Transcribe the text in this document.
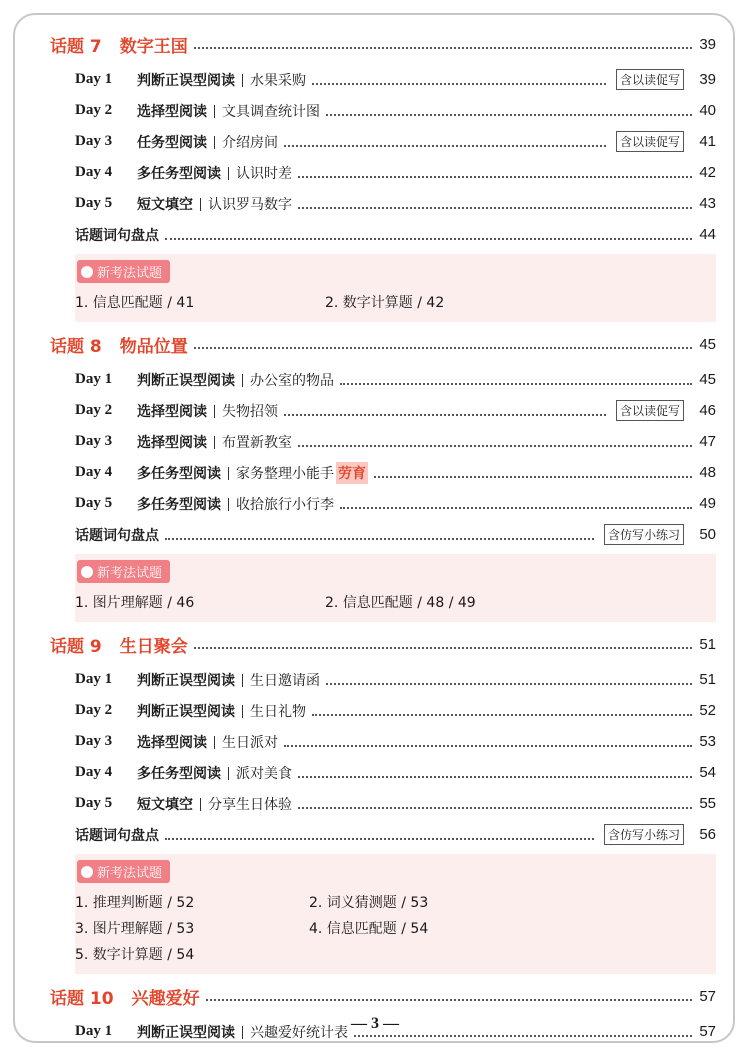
话题 7 数字王国	39
Day 1	判断正误型阅读 水果采购	含以读促写 39
Day 2	选择型阅读 文具调查统计图	40
Day 3	任务型阅读 介绍房间	含以读促写 41
Day 4	多任务型阅读 认识时差	42
Day 5	短文填空 认识罗马数字	43
话题词句盘点	44
新考法试题
1. 信息匹配题 / 41	2. 数字计算题 / 42
话题 8 物品位置	45
Day 1	判断正误型阅读 办公室的物品	45
Day 2	选择型阅读 失物招领	含以读促写 46
Day 3	选择型阅读 布置新教室	47
Day 4	多任务型阅读 家务整理小能手 劳育	48
Day 5	多任务型阅读 收拾旅行小行李	49
话题词句盘点	含仿写小练习 50
新考法试题
1. 图片理解题 / 46	2. 信息匹配题 / 48 / 49
话题 9 生日聚会	51
Day 1	判断正误型阅读 生日邀请函	51
Day 2	判断正误型阅读 生日礼物	52
Day 3	选择型阅读 生日派对	53
Day 4	多任务型阅读 派对美食	54
Day 5	短文填空 分享生日体验	55
话题词句盘点	含仿写小练习 56
新考法试题
1. 推理判断题 / 52	2. 词义猜测题 / 53
3. 图片理解题 / 53	4. 信息匹配题 / 54
5. 数字计算题 / 54
话题 10 兴趣爱好	57
Day 1	判断正误型阅读 兴趣爱好统计表	57
— 3 —
